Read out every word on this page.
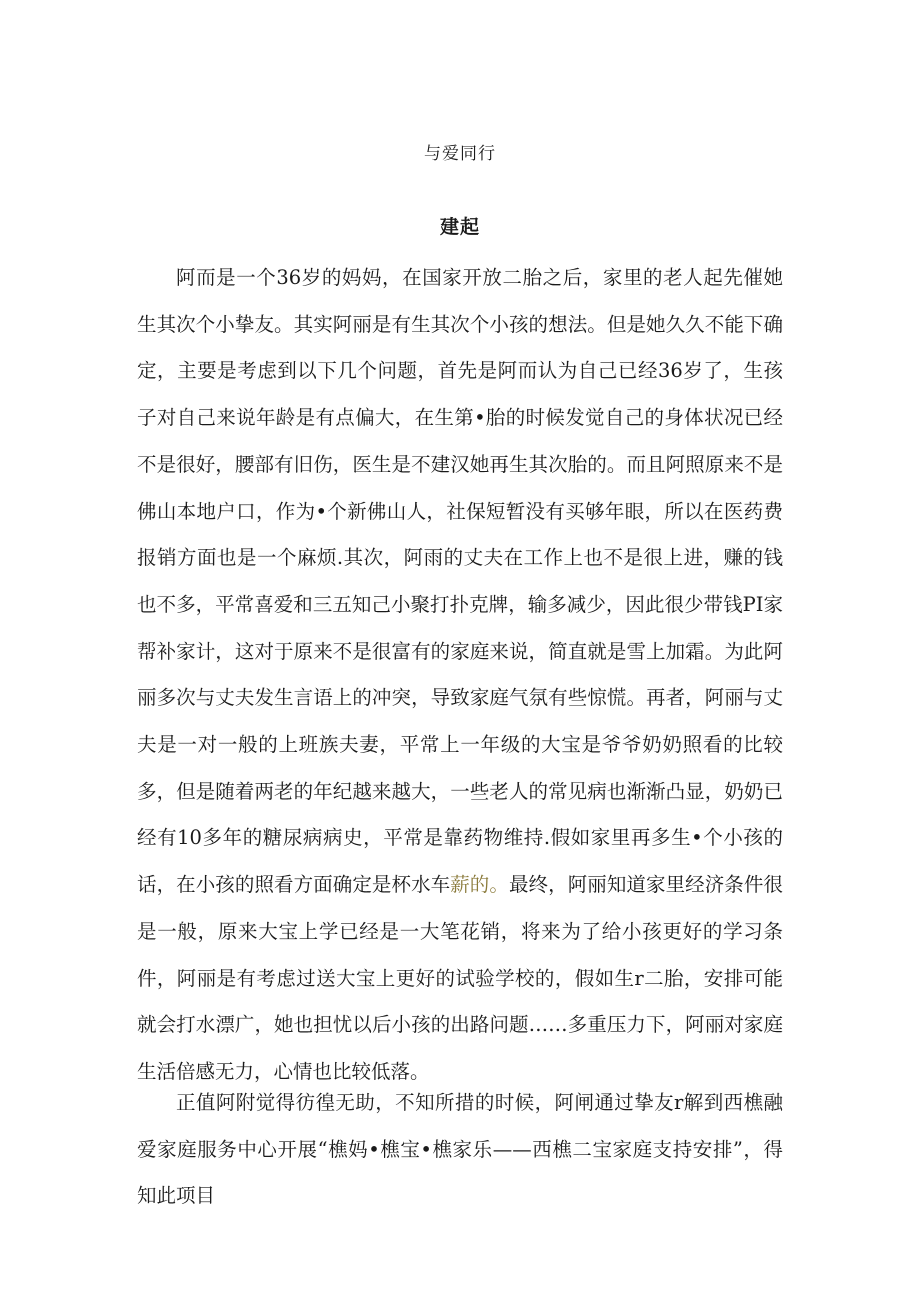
与爱同行
建起

阿而是一个36岁的妈妈，在国家开放二胎之后，家里的老人起先催她生其次个小挚友。其实阿丽是有生其次个小孩的想法。但是她久久不能下确定，主要是考虑到以下几个问题，首先是阿而认为自己已经36岁了，生孩子对自己来说年龄是有点偏大，在生第•胎的时候发觉自己的身体状况已经不是很好，腰部有旧伤，医生是不建汉她再生其次胎的。而且阿照原来不是佛山本地户口，作为•个新佛山人，社保短暂没有买够年眼，所以在医药费报销方面也是一个麻烦.其次，阿雨的丈夫在工作上也不是很上进，赚的钱也不多，平常喜爱和三五知己小聚打扑克牌，输多减少，因此很少带钱PI家帮补家计，这对于原来不是很富有的家庭来说，简直就是雪上加霜。为此阿丽多次与丈夫发生言语上的冲突，导致家庭气氛有些惊慌。再者，阿丽与丈夫是一对一般的上班族夫妻，平常上一年级的大宝是爷爷奶奶照看的比较多，但是随着两老的年纪越来越大，一些老人的常见病也渐渐凸显，奶奶已经有10多年的糖尿病病史，平常是靠药物维持.假如家里再多生•个小孩的话，在小孩的照看方面确定是杯水车薪的。最终，阿丽知道家里经济条件很是一般，原来大宝上学已经是一大笔花销，将来为了给小孩更好的学习条件，阿丽是有考虑过送大宝上更好的试验学校的，假如生r二胎，安排可能就会打水漂广，她也担忧以后小孩的出路问题……多重压力下，阿丽对家庭生活倍感无力，心情也比较低落。

正值阿附觉得彷徨无助，不知所措的时候，阿闸通过挚友r解到西樵融爱家庭服务中心开展“樵妈•樵宝•樵家乐——西樵二宝家庭支持安排”，得知此项目
